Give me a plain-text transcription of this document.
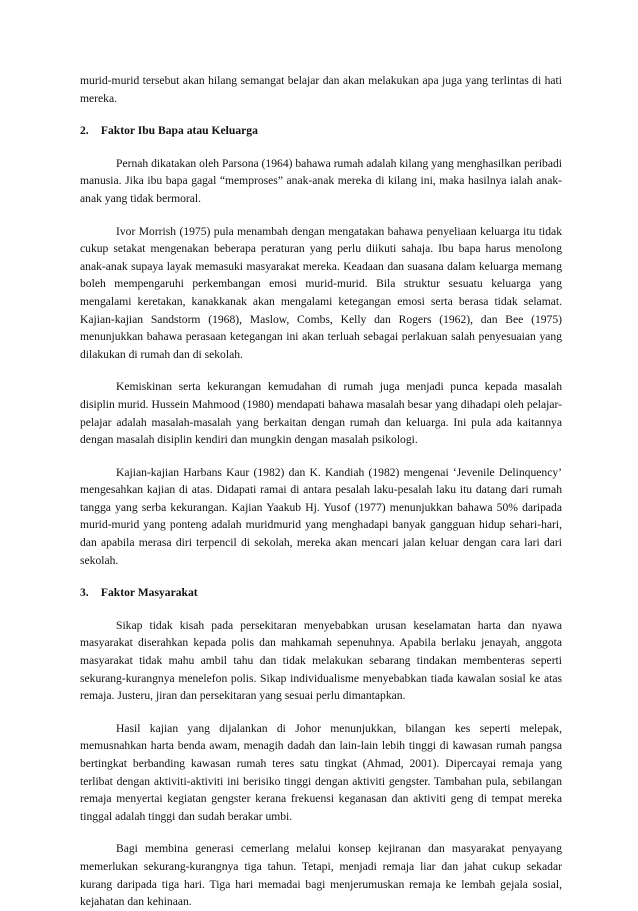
murid-murid tersebut akan hilang semangat belajar dan akan melakukan apa juga yang terlintas di hati mereka.

2. Faktor Ibu Bapa atau Keluarga

Pernah dikatakan oleh Parsona (1964) bahawa rumah adalah kilang yang menghasilkan peribadi manusia. Jika ibu bapa gagal “memproses” anak-anak mereka di kilang ini, maka hasilnya ialah anak-anak yang tidak bermoral.

Ivor Morrish (1975) pula menambah dengan mengatakan bahawa penyeliaan keluarga itu tidak cukup setakat mengenakan beberapa peraturan yang perlu diikuti sahaja. Ibu bapa harus menolong anak-anak supaya layak memasuki masyarakat mereka. Keadaan dan suasana dalam keluarga memang boleh mempengaruhi perkembangan emosi murid-murid. Bila struktur sesuatu keluarga yang mengalami keretakan, kanakkanak akan mengalami ketegangan emosi serta berasa tidak selamat. Kajian-kajian Sandstorm (1968), Maslow, Combs, Kelly dan Rogers (1962), dan Bee (1975) menunjukkan bahawa perasaan ketegangan ini akan terluah sebagai perlakuan salah penyesuaian yang dilakukan di rumah dan di sekolah.

Kemiskinan serta kekurangan kemudahan di rumah juga menjadi punca kepada masalah disiplin murid. Hussein Mahmood (1980) mendapati bahawa masalah besar yang dihadapi oleh pelajar-pelajar adalah masalah-masalah yang berkaitan dengan rumah dan keluarga. Ini pula ada kaitannya dengan masalah disiplin kendiri dan mungkin dengan masalah psikologi.

Kajian-kajian Harbans Kaur (1982) dan K. Kandiah (1982) mengenai ‘Jevenile Delinquency’ mengesahkan kajian di atas. Didapati ramai di antara pesalah laku-pesalah laku itu datang dari rumah tangga yang serba kekurangan. Kajian Yaakub Hj. Yusof (1977) menunjukkan bahawa 50% daripada murid-murid yang ponteng adalah muridmurid yang menghadapi banyak gangguan hidup sehari-hari, dan apabila merasa diri terpencil di sekolah, mereka akan mencari jalan keluar dengan cara lari dari sekolah.

3. Faktor Masyarakat

Sikap tidak kisah pada persekitaran menyebabkan urusan keselamatan harta dan nyawa masyarakat diserahkan kepada polis dan mahkamah sepenuhnya. Apabila berlaku jenayah, anggota masyarakat tidak mahu ambil tahu dan tidak melakukan sebarang tindakan membenteras seperti sekurang-kurangnya menelefon polis. Sikap individualisme menyebabkan tiada kawalan sosial ke atas remaja. Justeru, jiran dan persekitaran yang sesuai perlu dimantapkan.

Hasil kajian yang dijalankan di Johor menunjukkan, bilangan kes seperti melepak, memusnahkan harta benda awam, menagih dadah dan lain-lain lebih tinggi di kawasan rumah pangsa bertingkat berbanding kawasan rumah teres satu tingkat (Ahmad, 2001). Dipercayai remaja yang terlibat dengan aktiviti-aktiviti ini berisiko tinggi dengan aktiviti gengster. Tambahan pula, sebilangan remaja menyertai kegiatan gengster kerana frekuensi keganasan dan aktiviti geng di tempat mereka tinggal adalah tinggi dan sudah berakar umbi.

Bagi membina generasi cemerlang melalui konsep kejiranan dan masyarakat penyayang memerlukan sekurang-kurangnya tiga tahun. Tetapi, menjadi remaja liar dan jahat cukup sekadar kurang daripada tiga hari. Tiga hari memadai bagi menjerumuskan remaja ke lembah gejala sosial, kejahatan dan kehinaan.
